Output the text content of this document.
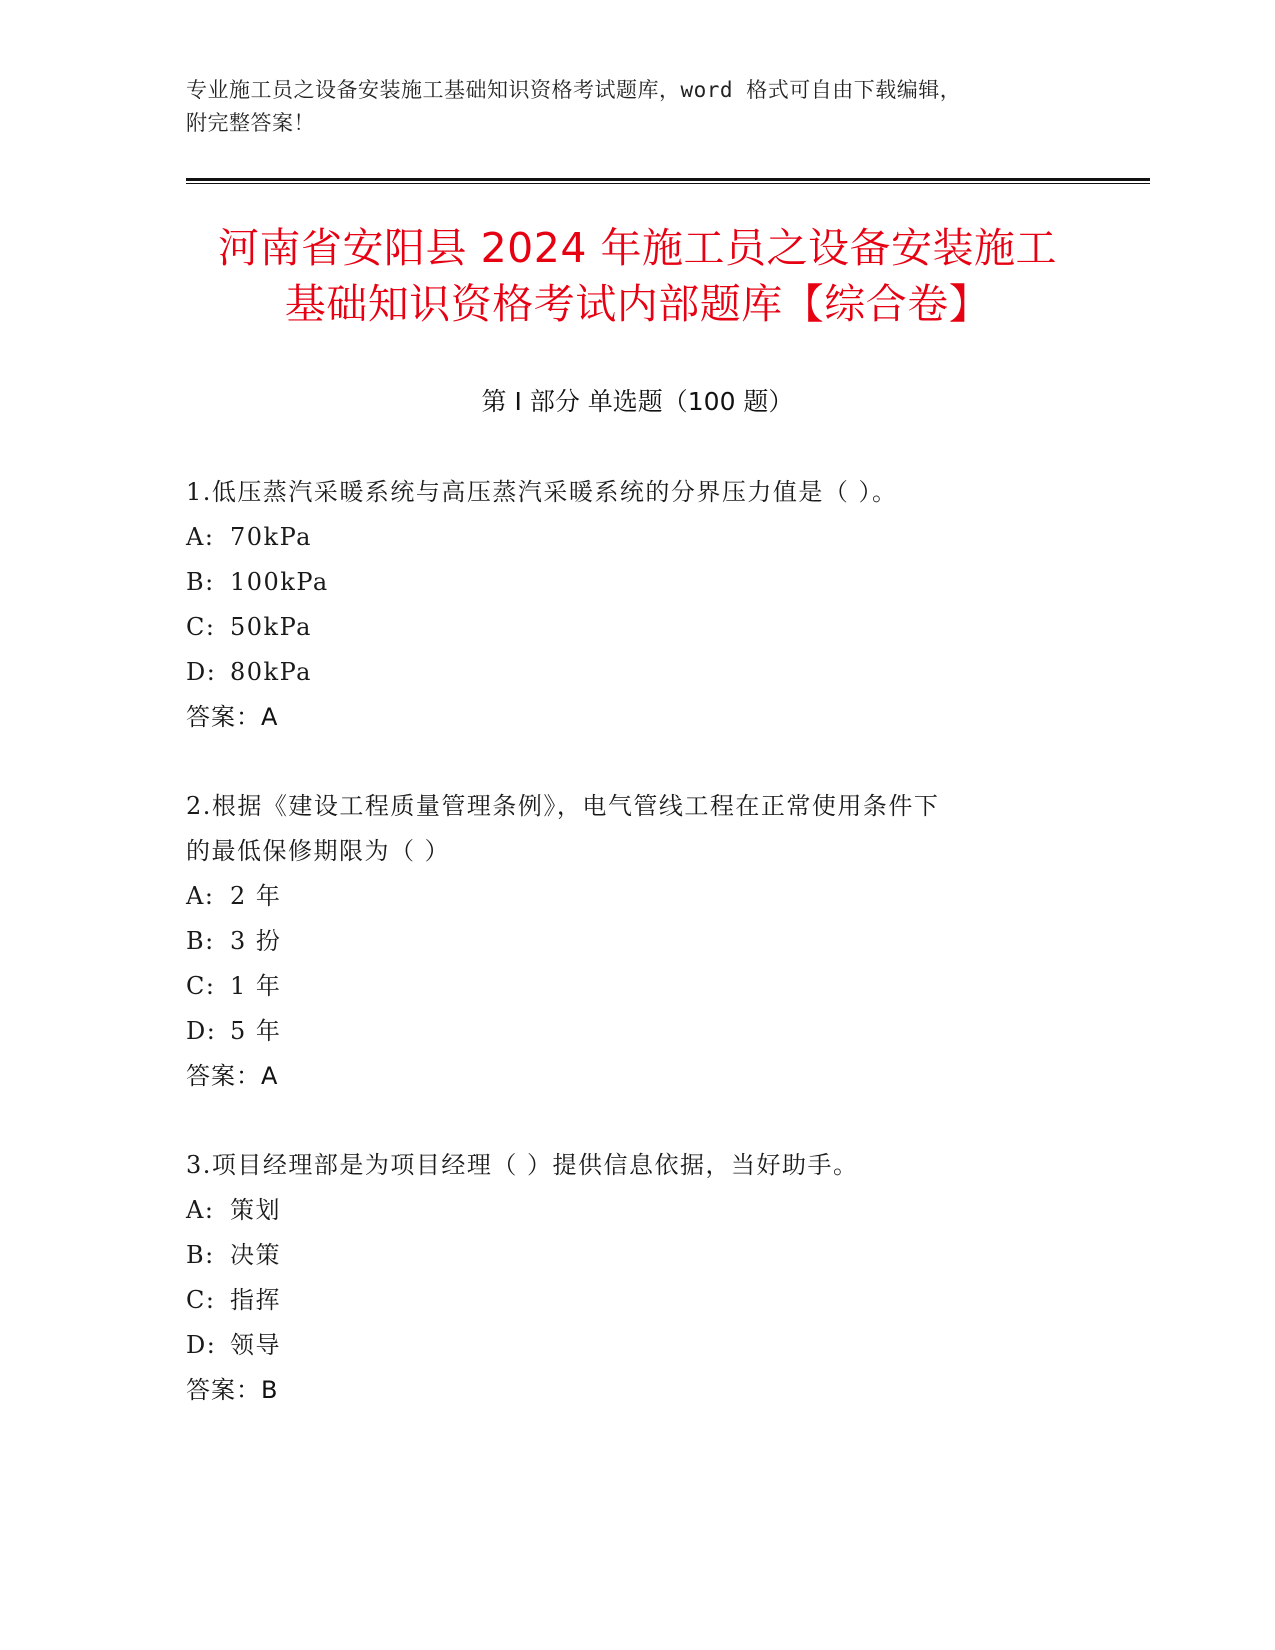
专业施工员之设备安装施工基础知识资格考试题库，word 格式可自由下载编辑，
附完整答案！
河南省安阳县 2024 年施工员之设备安装施工
基础知识资格考试内部题库【综合卷】
第 I 部分 单选题（100 题）
1.低压蒸汽采暖系统与高压蒸汽采暖系统的分界压力值是（ ）。
A: 70kPa
B: 100kPa
C: 50kPa
D: 80kPa
答案：A
2.根据《建设工程质量管理条例》，电气管线工程在正常使用条件下
的最低保修期限为（ ）
A: 2 年
B: 3 扮
C: 1 年
D: 5 年
答案：A
3.项目经理部是为项目经理（ ）提供信息依据，当好助手。
A: 策划
B: 决策
C: 指挥
D: 领导
答案：B
